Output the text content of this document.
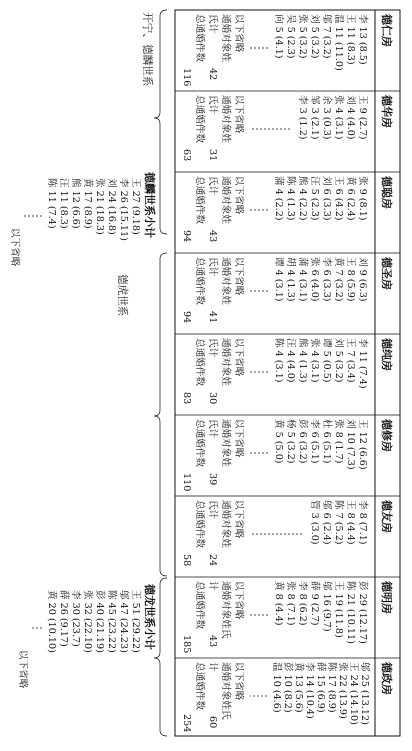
德仁房
李 13 (8.5)
王 11 (8.3)
温 11 (11.0)
邬 7 (3.2)
刘 5 (3.2)
张 5 (3.2)
吴 5 (2.3)
向 5 (4.1)
以下省略
通婚对象姓
氏计
42
总通婚件数
116
德华房
王 9 (2.7)
刘 4 (4.0)
张 4 (3.1)
余 3 (0.3)
邹 3 (2.1)
李 3 (1.2)
以下省略
通婚对象姓
氏计
31
总通婚件数
63
德聪房
张 9 (8.1)
黄 6 (2.4)
王 6 (4.2)
刘 6 (3.3)
汪 5 (2.3)
熊 4 (2.2)
陈 4 (1.3)
蒲 4 (2.2)
以下省略
通婚对象姓
氏计
43
总通婚件数
94
德圣房
刘 9 (6.3)
王 8 (5.9)
黄 7 (3.2)
李 6 (3.3)
张 6 (4.0)
蒲 4 (3.1)
胡 4 (1.3)
谭 4 (3.1)
以下省略
通婚对象姓
氏计
41
总通婚件数
94
德纯房
李 11 (7.4)
王 7 (3.4)
刘 5 (3.2)
谭 5 (0.5)
张 4 (3.1)
熊 4 (1.3)
汪 4 (4.0)
陈 4 (3.1)
以下省略
通婚对象姓
氏计
30
总通婚件数
83
德修房
王 12 (6.6)
刘 10 (7.3)
张 8 (1.7)
杜 6 (5.1)
李 6 (5.1)
彭 6 (3.2)
杨 5 (3.2)
黄 5 (5.0)
以下省略
通婚对象姓
氏计
39
总通婚件数
110
德友房
李 8 (7.1)
王 8 (4.4)
陈 7 (5.2)
邬 6 (2.4)
管 3 (3.0)
以下省略
通婚对象姓
氏计
24
总通婚件数
58
德明房
彭 29 (12.17)
陈 21 (10.11)
王 19 (11.8)
邬 16 (9.7)
薛 9 (2.7)
李 8 (6.2)
张 8 (7.1)
黄 8 (4.4)
以下省略
通婚对象姓氏
计
43
总通婚件数
185
德政房
邬 25 (13.12)
王 24 (14.10)
张 22 (13.9)
陈 17 (8.9)
薛 15 (6.9)
李 14 (10.4)
黄 13 (5.6)
彭 10 (8.2)
温 10 (4.6)
以下省略
通婚对象姓氏
计
60
总通婚件数
254
开宁、
德麟世系
德虎世系
德麟世系小计
王 27 (9.18)
李 26 (15.11)
刘 24 (16.8)
张 21 (18.3)
黄 17 (8.9)
熊 12 (6.6)
汪 11 (8.3)
陈 11 (7.4)
以下省略
德龙世系小计
王 51 (29.22)
邬 47 (24.23)
陈 45 (23.22)
彭 40 (21.19)
张 32 (22.10)
李 30 (23.7)
薛 26 (9.17)
黄 20 (10.10)
以下省略
